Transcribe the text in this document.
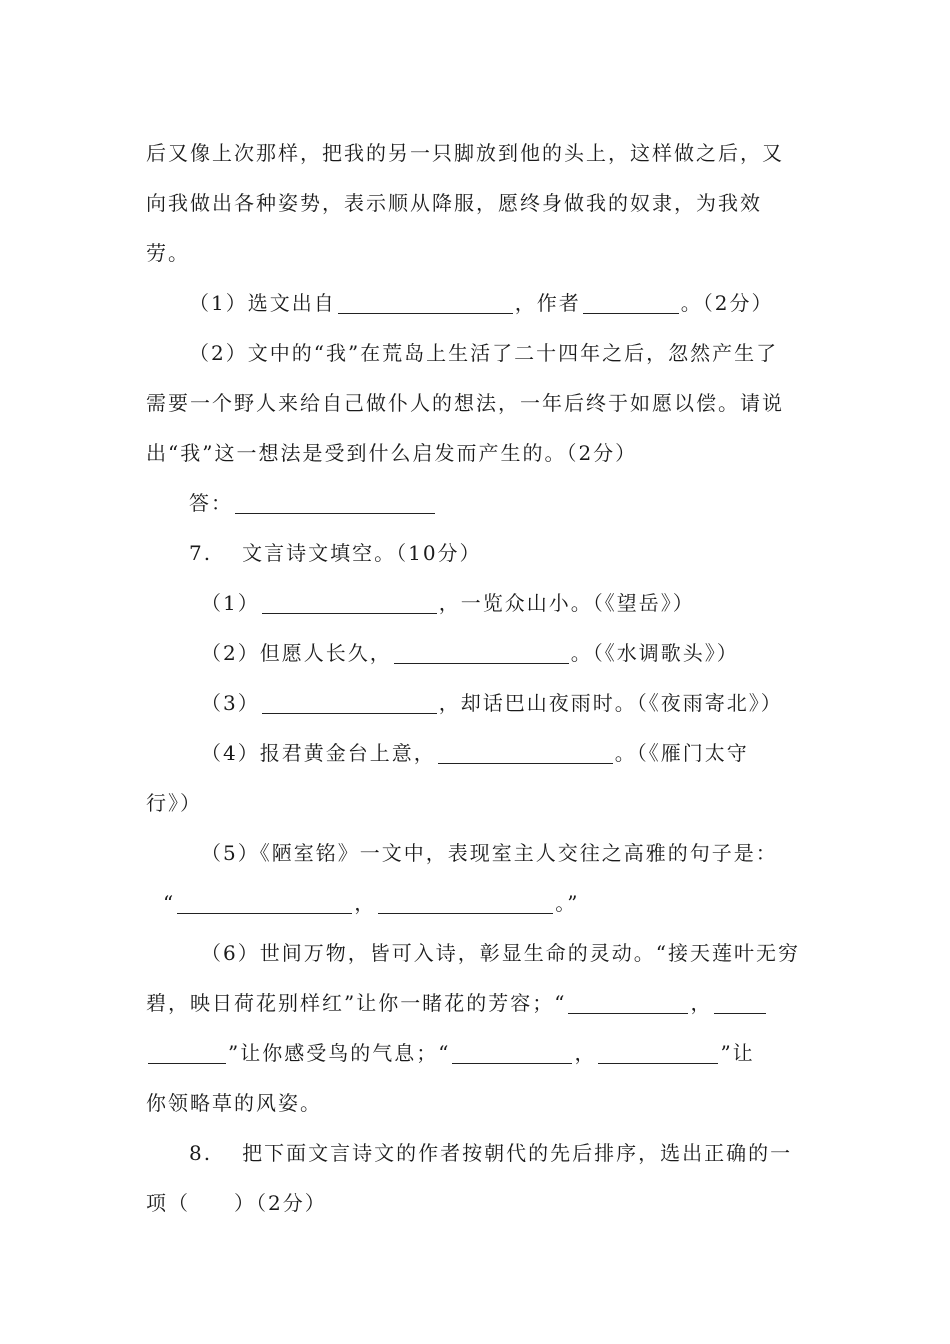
后又像上次那样，把我的另一只脚放到他的头上，这样做之后，又
向我做出各种姿势，表示顺从降服，愿终身做我的奴隶，为我效
劳。
（1）选文出自	，作者	。（2分）
（2）文中的“我”在荒岛上生活了二十四年之后，忽然产生了
需要一个野人来给自己做仆人的想法，一年后终于如愿以偿。请说
出“我”这一想法是受到什么启发而产生的。（2分）
答：
7. 文言诗文填空。（10分）
（1）	，一览众山小。（《望岳》）
（2）但愿人长久，	。（《水调歌头》）
（3）	，却话巴山夜雨时。（《夜雨寄北》）
（4）报君黄金台上意，	。（《雁门太守
行》）
（5）《陋室铭》一文中，表现室主人交往之高雅的句子是：
“	，	。”
（6）世间万物，皆可入诗，彰显生命的灵动。“接天莲叶无穷
碧，映日荷花别样红”让你一睹花的芳容；“	，
”让你感受鸟的气息；“	，	”让
你领略草的风姿。
8. 把下面文言诗文的作者按朝代的先后排序，选出正确的一
项（　　）（2分）
